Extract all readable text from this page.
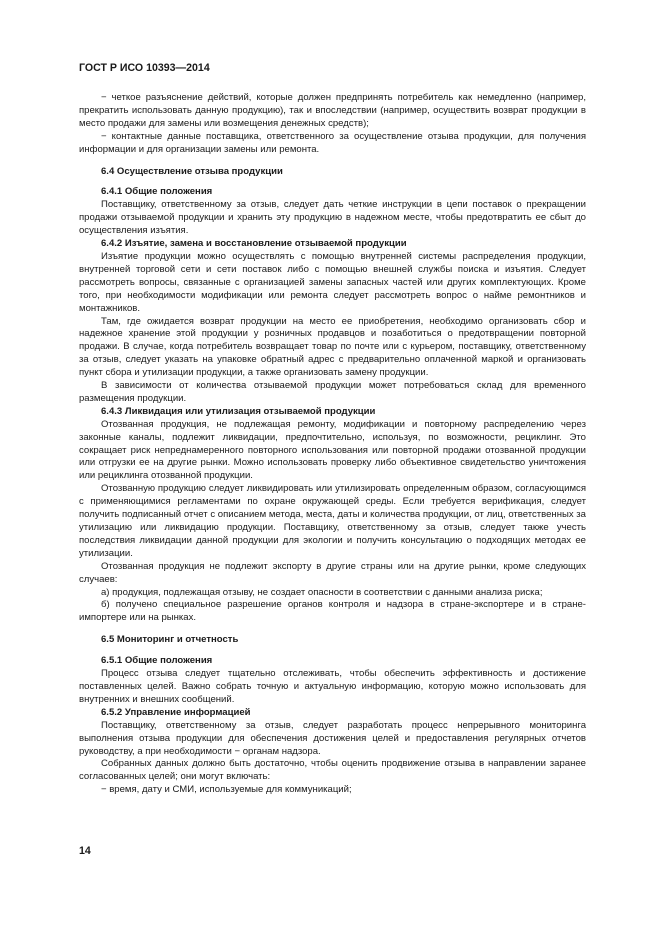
ГОСТ Р ИСО 10393—2014

− четкое разъяснение действий, которые должен предпринять потребитель как немедленно (например, прекратить использовать данную продукцию), так и впоследствии (например, осуществить возврат продукции в место продажи для замены или возмещения денежных средств);

− контактные данные поставщика, ответственного за осуществление отзыва продукции, для получения информации и для организации замены или ремонта.

6.4 Осуществление отзыва продукции

6.4.1 Общие положения

Поставщику, ответственному за отзыв, следует дать четкие инструкции в цепи поставок о прекращении продажи отзываемой продукции и хранить эту продукцию в надежном месте, чтобы предотвратить ее сбыт до осуществления изъятия.

6.4.2 Изъятие, замена и восстановление отзываемой продукции

Изъятие продукции можно осуществлять с помощью внутренней системы распределения продукции, внутренней торговой сети и сети поставок либо с помощью внешней службы поиска и изъятия. Следует рассмотреть вопросы, связанные с организацией замены запасных частей или других комплектующих. Кроме того, при необходимости модификации или ремонта следует рассмотреть вопрос о найме ремонтников и монтажников.

Там, где ожидается возврат продукции на место ее приобретения, необходимо организовать сбор и надежное хранение этой продукции у розничных продавцов и позаботиться о предотвращении повторной продажи. В случае, когда потребитель возвращает товар по почте или с курьером, поставщику, ответственному за отзыв, следует указать на упаковке обратный адрес с предварительно оплаченной маркой и организовать пункт сбора и утилизации продукции, а также организовать замену продукции.

В зависимости от количества отзываемой продукции может потребоваться склад для временного размещения продукции.

6.4.3 Ликвидация или утилизация отзываемой продукции

Отозванная продукция, не подлежащая ремонту, модификации и повторному распределению через законные каналы, подлежит ликвидации, предпочтительно, используя, по возможности, рециклинг. Это сокращает риск непреднамеренного повторного использования или повторной продажи отозванной продукции или отгрузки ее на другие рынки. Можно использовать проверку либо объективное свидетельство уничтожения или рециклинга отозванной продукции.

Отозванную продукцию следует ликвидировать или утилизировать определенным образом, согласующимся с применяющимися регламентами по охране окружающей среды. Если требуется верификация, следует получить подписанный отчет с описанием метода, места, даты и количества продукции, от лиц, ответственных за утилизацию или ликвидацию продукции. Поставщику, ответственному за отзыв, следует также учесть последствия ликвидации данной продукции для экологии и получить консультацию о подходящих методах ее утилизации.

Отозванная продукция не подлежит экспорту в другие страны или на другие рынки, кроме следующих случаев:

а) продукция, подлежащая отзыву, не создает опасности в соответствии с данными анализа риска;

б) получено специальное разрешение органов контроля и надзора в стране-экспортере и в стране-импортере или на рынках.

6.5 Мониторинг и отчетность

6.5.1 Общие положения

Процесс отзыва следует тщательно отслеживать, чтобы обеспечить эффективность и достижение поставленных целей. Важно собрать точную и актуальную информацию, которую можно использовать для внутренних и внешних сообщений.

6.5.2 Управление информацией

Поставщику, ответственному за отзыв, следует разработать процесс непрерывного мониторинга выполнения отзыва продукции для обеспечения достижения целей и предоставления регулярных отчетов руководству, а при необходимости − органам надзора.

Собранных данных должно быть достаточно, чтобы оценить продвижение отзыва в направлении заранее согласованных целей; они могут включать:

− время, дату и СМИ, используемые для коммуникаций;

14
